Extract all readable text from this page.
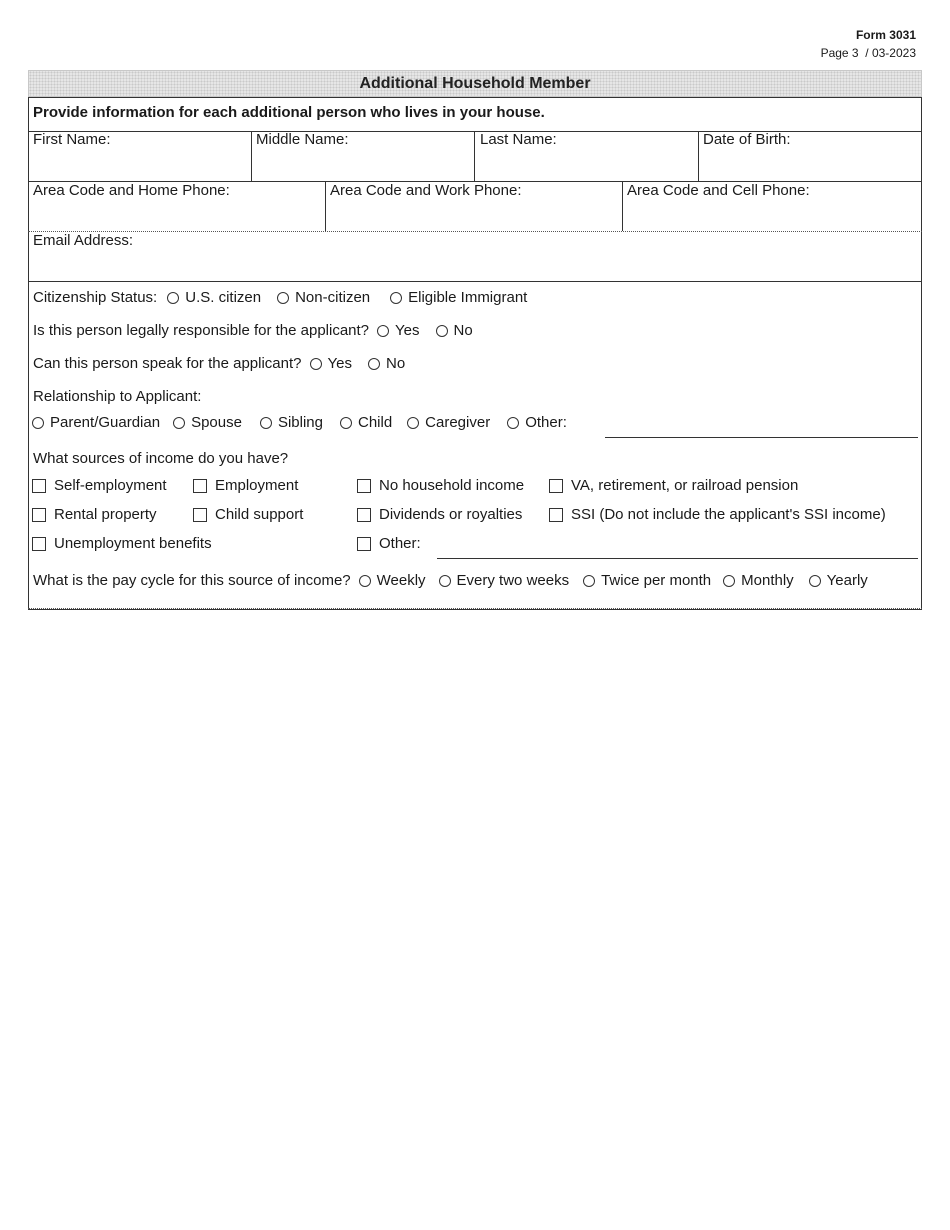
Form 3031
Page 3  / 03-2023
Additional Household Member
Provide information for each additional person who lives in your house.
First Name:	Middle Name:	Last Name:	Date of Birth:
Area Code and Home Phone:	Area Code and Work Phone:	Area Code and Cell Phone:
Email Address:
Citizenship Status: U.S. citizen Non-citizen	Eligible Immigrant
Is this person legally responsible for the applicant? Yes No
Can this person speak for the applicant? Yes No
Relationship to Applicant:
Parent/Guardian Spouse Sibling Child Caregiver Other:
What sources of income do you have?
Self-employment	Employment	No household income	VA, retirement, or railroad pension
Rental property	Child support	Dividends or royalties	SSI (Do not include the applicant's SSI income)
Unemployment benefits	Other:
What is the pay cycle for this source of income? Weekly Every two weeks Twice per month Monthly Yearly
